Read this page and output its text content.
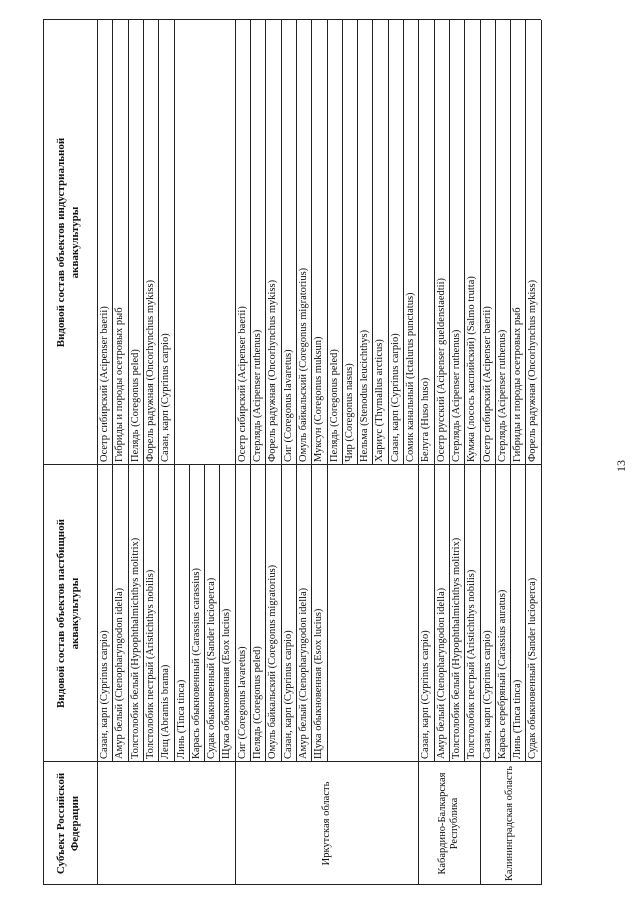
13
Субъект Российской Федерации
Видовой состав объектов пастбищной аквакультуры
Видовой состав объектов индустриальной аквакультуры
Сазан, карп (Cyprinus carpio) Амур белый (Ctenopharyngodon idella) Толстолобик белый (Hypophthalmichthys molitrix) Толстолобик пестрый (Aristichthys nobilis) Лещ (Abramis brama) Линь (Tinca tinca) Карась обыкновенный (Carassius carassius) Судак обыкновенный (Sander lucioperca) Щука обыкновенная (Esox lucius)
Осетр сибирский (Acipenser baerii) Гибриды и породы осетровых рыб Пелядь (Coregonus peled) Форель радужная (Oncorhynchus mykiss) Сазан, карп (Cyprinus carpio)
Иркутская область
Сиг (Coregonus lavaretus) Пелядь (Coregonus peled) Омуль байкальский (Coregonus migratorius) Сазан, карп (Cyprinus carpio) Амур белый (Ctenopharyngodon idella) Щука обыкновенная (Esox lucius)
Осетр сибирский (Acipenser baerii) Стерлядь (Acipenser ruthenus) Форель радужная (Oncorhynchus mykiss) Сиг (Coregonus lavaretus) Омуль байкальский (Coregonus migratorius) Муксун (Coregonus muksun) Пелядь (Coregonus peled) Чир (Coregonus nasus) Нельма (Stenodus leucichthys) Хариус (Thymallus arcticus) Сазан, карп (Cyprinus carpio) Сомик канальный (Ictalurus punctatus)
Кабардино-Балкарская Республика
Сазан, карп (Cyprinus carpio) Амур белый (Ctenopharyngodon idella) Толстолобик белый (Hypophthalmichthys molitrix) Толстолобик пестрый (Aristichthys nobilis)
Белуга (Huso huso) Осетр русский (Acipenser gueldenstaedtii) Стерлядь (Acipenser ruthenus) Кумжа (лосось каспийский) (Salmo trutta)
Калининградская область
Сазан, карп (Cyprinus carpio) Карась серебряный (Carassius auratus) Линь (Tinca tinca) Судак обыкновенный (Sander lucioperca)
Осетр сибирский (Acipenser baerii) Стерлядь (Acipenser ruthenus) Гибриды и породы осетровых рыб Форель радужная (Oncorhynchus mykiss)
